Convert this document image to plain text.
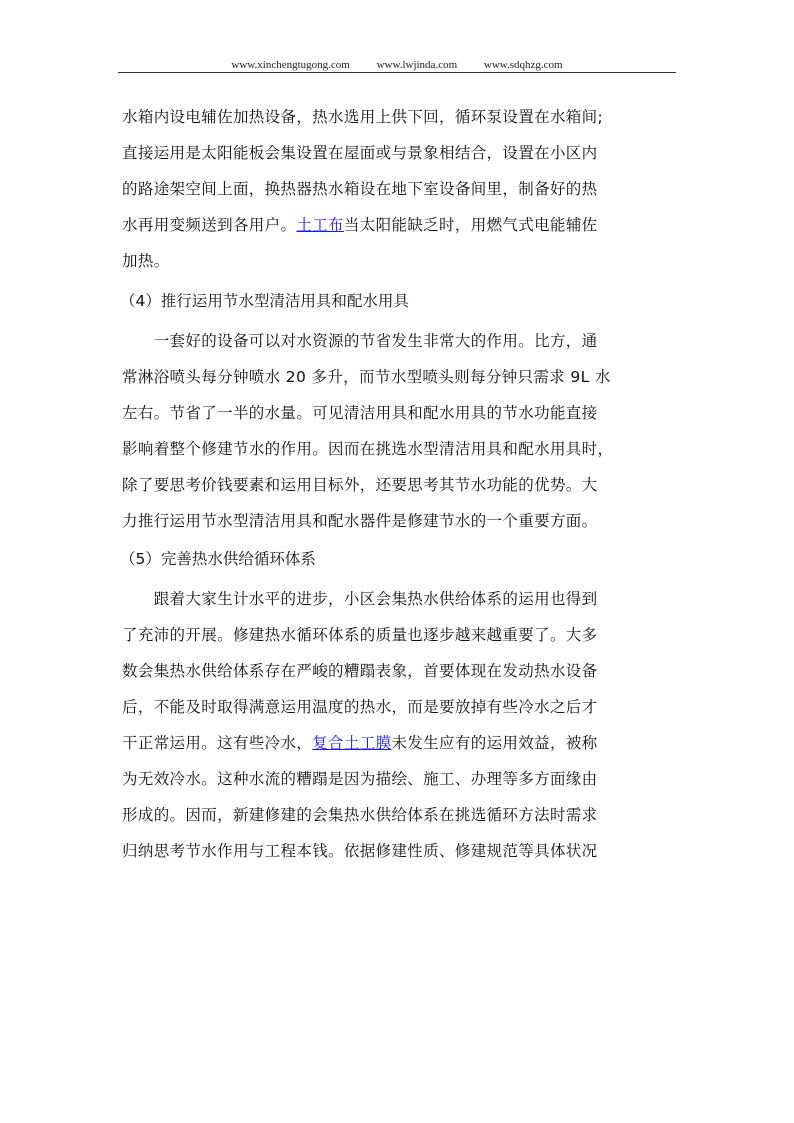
www.xinchengtugong.com www.lwjinda.com www.sdqhzg.com
水箱内设电辅佐加热设备，热水选用上供下回，循环泵设置在水箱间;
直接运用是太阳能板会集设置在屋面或与景象相结合，设置在小区内
的路途架空间上面，换热器热水箱设在地下室设备间里，制备好的热
水再用变频送到各用户。土工布当太阳能缺乏时，用燃气式电能辅佐
加热。
（4）推行运用节水型清洁用具和配水用具
　　一套好的设备可以对水资源的节省发生非常大的作用。比方，通
常淋浴喷头每分钟喷水 20 多升，而节水型喷头则每分钟只需求 9L 水
左右。节省了一半的水量。可见清洁用具和配水用具的节水功能直接
影响着整个修建节水的作用。因而在挑选水型清洁用具和配水用具时，
除了要思考价钱要素和运用目标外，还要思考其节水功能的优势。大
力推行运用节水型清洁用具和配水器件是修建节水的一个重要方面。
（5）完善热水供给循环体系
　　跟着大家生计水平的进步，小区会集热水供给体系的运用也得到
了充沛的开展。修建热水循环体系的质量也逐步越来越重要了。大多
数会集热水供给体系存在严峻的糟蹋表象，首要体现在发动热水设备
后，不能及时取得满意运用温度的热水，而是要放掉有些冷水之后才
干正常运用。这有些冷水，复合土工膜未发生应有的运用效益，被称
为无效冷水。这种水流的糟蹋是因为描绘、施工、办理等多方面缘由
形成的。因而，新建修建的会集热水供给体系在挑选循环方法时需求
归纳思考节水作用与工程本钱。依据修建性质、修建规范等具体状况
